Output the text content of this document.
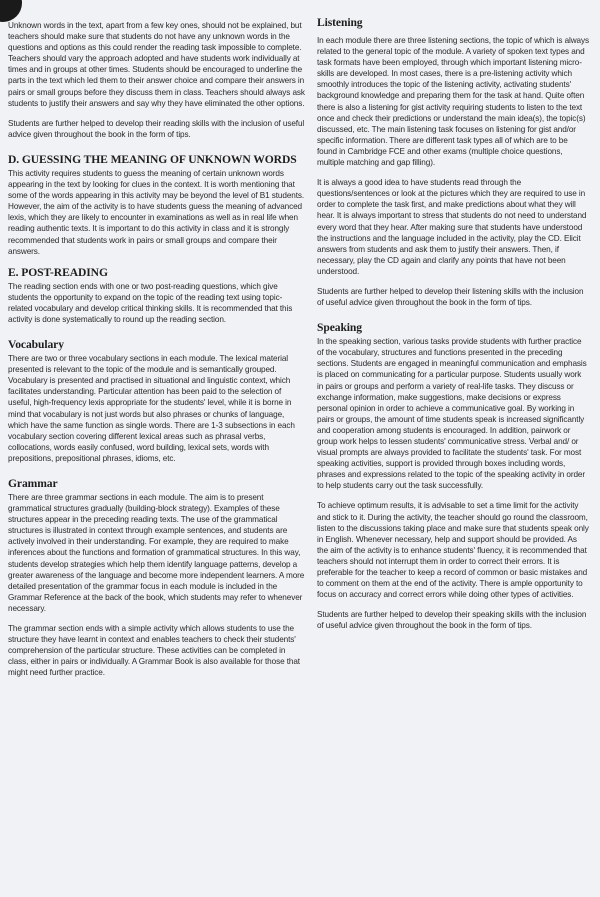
Unknown words in the text, apart from a few key ones, should not be explained, but teachers should make sure that students do not have any unknown words in the questions and options as this could render the reading task impossible to complete. Teachers should vary the approach adopted and have students work individually at times and in groups at other times. Students should be encouraged to underline the parts in the text which led them to their answer choice and compare their answers in pairs or small groups before they discuss them in class. Teachers should always ask students to justify their answers and say why they have eliminated the other options.

Students are further helped to develop their reading skills with the inclusion of useful advice given throughout the book in the form of tips.

D. GUESSING THE MEANING OF UNKNOWN WORDS

This activity requires students to guess the meaning of certain unknown words appearing in the text by looking for clues in the context. It is worth mentioning that some of the words appearing in this activity may be beyond the level of B1 students. However, the aim of the activity is to have students guess the meaning of advanced lexis, which they are likely to encounter in examinations as well as in real life when reading authentic texts. It is important to do this activity in class and it is strongly recommended that students work in pairs or small groups and compare their answers.

E. POST-READING

The reading section ends with one or two post-reading questions, which give students the opportunity to expand on the topic of the reading text using topic-related vocabulary and develop critical thinking skills. It is recommended that this activity is done systematically to round up the reading section.

Vocabulary

There are two or three vocabulary sections in each module. The lexical material presented is relevant to the topic of the module and is semantically grouped. Vocabulary is presented and practised in situational and linguistic context, which facilitates understanding. Particular attention has been paid to the selection of useful, high-frequency lexis appropriate for the students' level, while it is borne in mind that vocabulary is not just words but also phrases or chunks of language, which have the same function as single words. There are 1-3 subsections in each vocabulary section covering different lexical areas such as phrasal verbs, collocations, words easily confused, word building, lexical sets, words with prepositions, prepositional phrases, idioms, etc.

Grammar

There are three grammar sections in each module. The aim is to present grammatical structures gradually (building-block strategy). Examples of these structures appear in the preceding reading texts. The use of the grammatical structures is illustrated in context through example sentences, and students are actively involved in their understanding. For example, they are required to make inferences about the functions and formation of grammatical structures. In this way, students develop strategies which help them identify language patterns, develop a greater awareness of the language and become more independent learners. A more detailed presentation of the grammar focus in each module is included in the Grammar Reference at the back of the book, which students may refer to whenever necessary.

The grammar section ends with a simple activity which allows students to use the structure they have learnt in context and enables teachers to check their students' comprehension of the particular structure. These activities can be completed in class, either in pairs or individually. A Grammar Book is also available for those that might need further practice.

Listening

In each module there are three listening sections, the topic of which is always related to the general topic of the module. A variety of spoken text types and task formats have been employed, through which important listening micro-skills are developed. In most cases, there is a pre-listening activity which smoothly introduces the topic of the listening activity, activating students' background knowledge and preparing them for the task at hand. Quite often there is also a listening for gist activity requiring students to listen to the text once and check their predictions or understand the main idea(s), the topic(s) discussed, etc. The main listening task focuses on listening for gist and/or specific information. There are different task types all of which are to be found in Cambridge FCE and other exams (multiple choice questions, multiple matching and gap filling).

It is always a good idea to have students read through the questions/sentences or look at the pictures which they are required to use in order to complete the task first, and make predictions about what they will hear. It is always important to stress that students do not need to understand every word that they hear. After making sure that students have understood the instructions and the language included in the activity, play the CD. Elicit answers from students and ask them to justify their answers. Then, if necessary, play the CD again and clarify any points that have not been understood.

Students are further helped to develop their listening skills with the inclusion of useful advice given throughout the book in the form of tips.

Speaking

In the speaking section, various tasks provide students with further practice of the vocabulary, structures and functions presented in the preceding sections. Students are engaged in meaningful communication and emphasis is placed on communicating for a particular purpose. Students usually work in pairs or groups and perform a variety of real-life tasks. They discuss or exchange information, make suggestions, make decisions or express personal opinion in order to achieve a communicative goal. By working in pairs or groups, the amount of time students speak is increased significantly and cooperation among students is encouraged. In addition, pairwork or group work helps to lessen students' communicative stress. Verbal and/ or visual prompts are always provided to facilitate the students' task. For most speaking activities, support is provided through boxes including words, phrases and expressions related to the topic of the speaking activity in order to help students carry out the task successfully.

To achieve optimum results, it is advisable to set a time limit for the activity and stick to it. During the activity, the teacher should go round the classroom, listen to the discussions taking place and make sure that students speak only in English. Whenever necessary, help and support should be provided. As the aim of the activity is to enhance students' fluency, it is recommended that teachers should not interrupt them in order to correct their errors. It is preferable for the teacher to keep a record of common or basic mistakes and to comment on them at the end of the activity. There is ample opportunity to focus on accuracy and correct errors while doing other types of activities.

Students are further helped to develop their speaking skills with the inclusion of useful advice given throughout the book in the form of tips.
